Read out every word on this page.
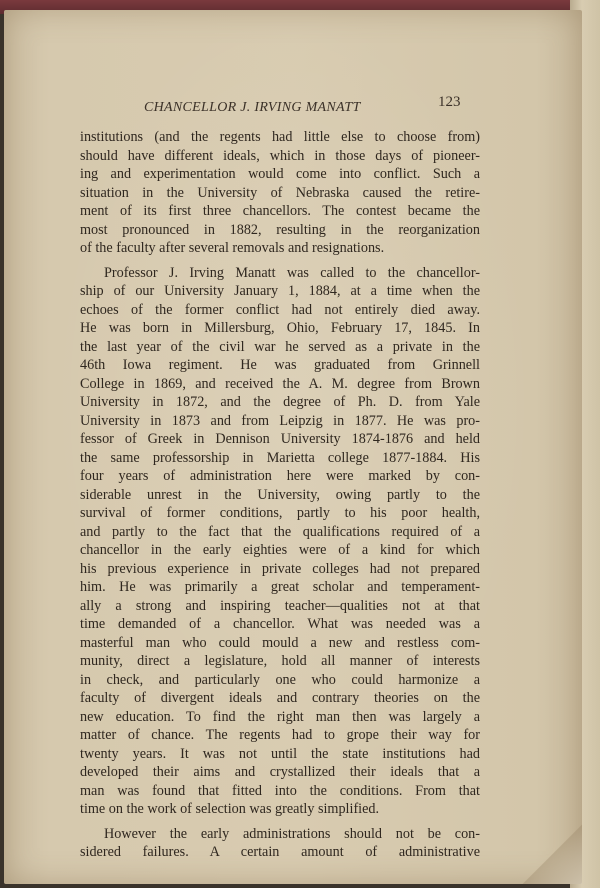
CHANCELLOR J. IRVING MANATT	123
institutions (and the regents had little else to choose from)
should have different ideals, which in those days of pioneer-
ing and experimentation would come into conflict. Such a
situation in the University of Nebraska caused the retire-
ment of its first three chancellors. The contest became the
most pronounced in 1882, resulting in the reorganization
of the faculty after several removals and resignations.
Professor J. Irving Manatt was called to the chancellor-
ship of our University January 1, 1884, at a time when the
echoes of the former conflict had not entirely died away.
He was born in Millersburg, Ohio, February 17, 1845. In
the last year of the civil war he served as a private in the
46th Iowa regiment. He was graduated from Grinnell
College in 1869, and received the A. M. degree from Brown
University in 1872, and the degree of Ph. D. from Yale
University in 1873 and from Leipzig in 1877. He was pro-
fessor of Greek in Dennison University 1874-1876 and held
the same professorship in Marietta college 1877-1884. His
four years of administration here were marked by con-
siderable unrest in the University, owing partly to the
survival of former conditions, partly to his poor health,
and partly to the fact that the qualifications required of a
chancellor in the early eighties were of a kind for which
his previous experience in private colleges had not prepared
him. He was primarily a great scholar and temperament-
ally a strong and inspiring teacher—qualities not at that
time demanded of a chancellor. What was needed was a
masterful man who could mould a new and restless com-
munity, direct a legislature, hold all manner of interests
in check, and particularly one who could harmonize a
faculty of divergent ideals and contrary theories on the
new education. To find the right man then was largely a
matter of chance. The regents had to grope their way for
twenty years. It was not until the state institutions had
developed their aims and crystallized their ideals that a
man was found that fitted into the conditions. From that
time on the work of selection was greatly simplified.
However the early administrations should not be con-
sidered failures. A certain amount of administrative
